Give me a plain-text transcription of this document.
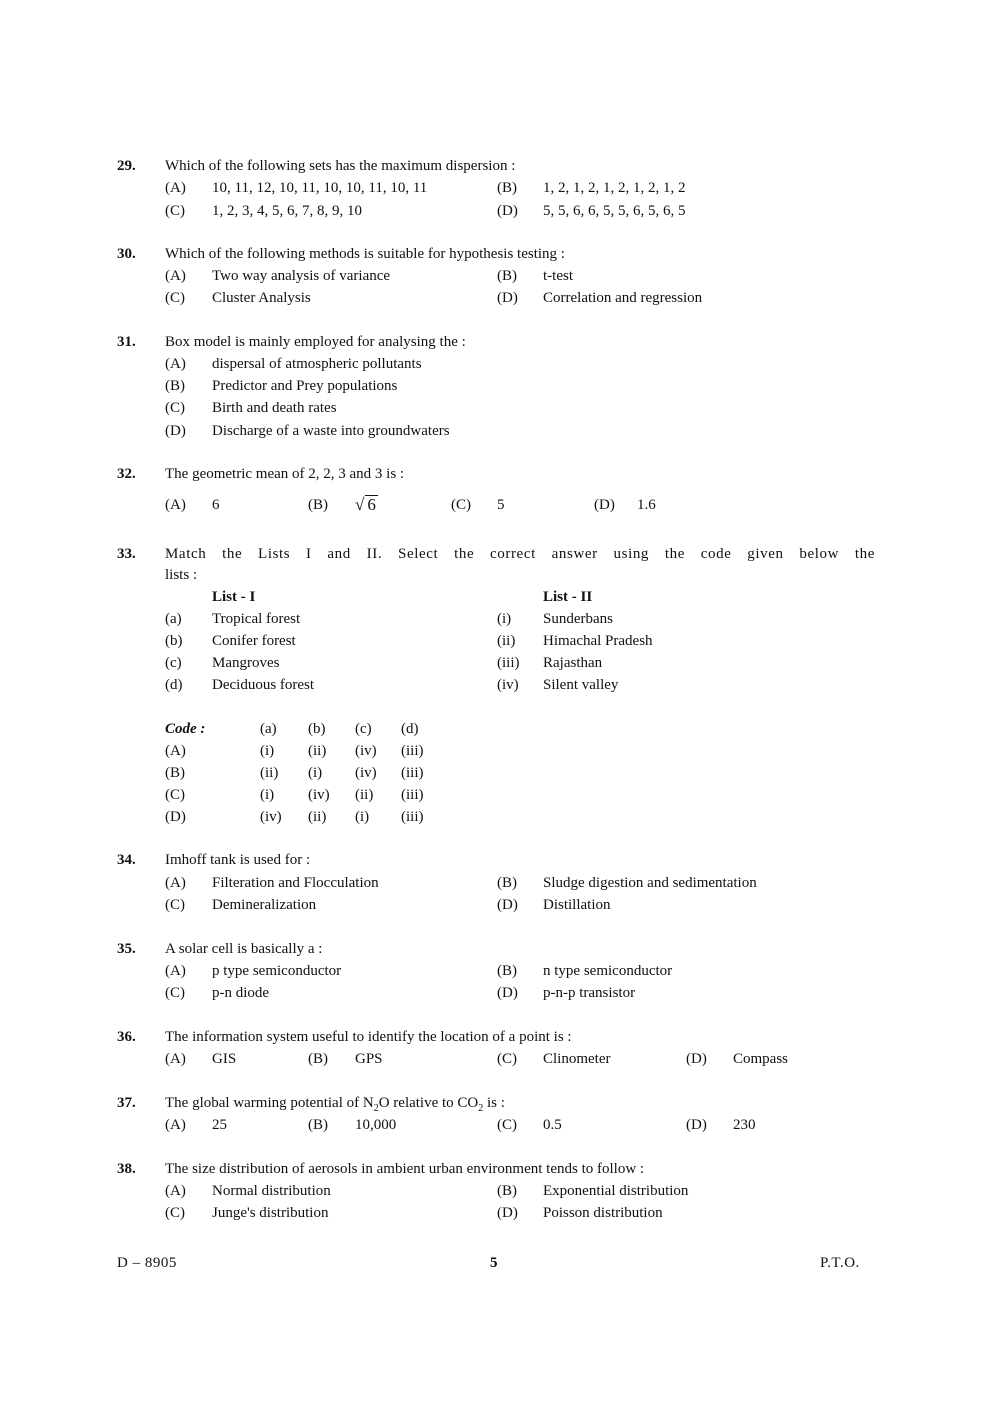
29. Which of the following sets has the maximum dispersion :
(A) 10, 11, 12, 10, 11, 10, 10, 11, 10, 11	(B) 1, 2, 1, 2, 1, 2, 1, 2, 1, 2
(C) 1, 2, 3, 4, 5, 6, 7, 8, 9, 10	(D) 5, 5, 6, 6, 5, 5, 6, 5, 6, 5
30. Which of the following methods is suitable for hypothesis testing :
(A) Two way analysis of variance	(B) t-test
(C) Cluster Analysis	(D) Correlation and regression
31. Box model is mainly employed for analysing the :
(A) dispersal of atmospheric pollutants
(B) Predictor and Prey populations
(C) Birth and death rates
(D) Discharge of a waste into groundwaters
32. The geometric mean of 2, 2, 3 and 3 is :
(A) 6	(B) √ 6	(C) 5	(D) 1.6
33. Match the Lists I and II. Select the correct answer using the code given below the
lists :
List - I	List - II
(a) Tropical forest	(i) Sunderbans
(b) Conifer forest	(ii) Himachal Pradesh
(c) Mangroves	(iii) Rajasthan
(d) Deciduous forest	(iv) Silent valley
Code :	(a) (b) (c) (d)
(A)	(i) (ii) (iv) (iii)
(B)	(ii) (i) (iv) (iii)
(C)	(i) (iv) (ii) (iii)
(D)	(iv) (ii) (i) (iii)
34. Imhoff tank is used for :
(A) Filteration and Flocculation	(B) Sludge digestion and sedimentation
(C) Demineralization	(D) Distillation
35. A solar cell is basically a :
(A) p type semiconductor	(B) n type semiconductor
(C) p-n diode	(D) p-n-p transistor
36. The information system useful to identify the location of a point is :
(A) GIS	(B) GPS	(C) Clinometer	(D) Compass
37. The global warming potential of $N_2O$ relative to $CO_2$ is :
(A) 25	(B) 10,000	(C) 0.5	(D) 230
38. The size distribution of aerosols in ambient urban environment tends to follow :
(A) Normal distribution	(B) Exponential distribution
(C) Junge's distribution	(D) Poisson distribution
D – 8905	5	P.T.O.
